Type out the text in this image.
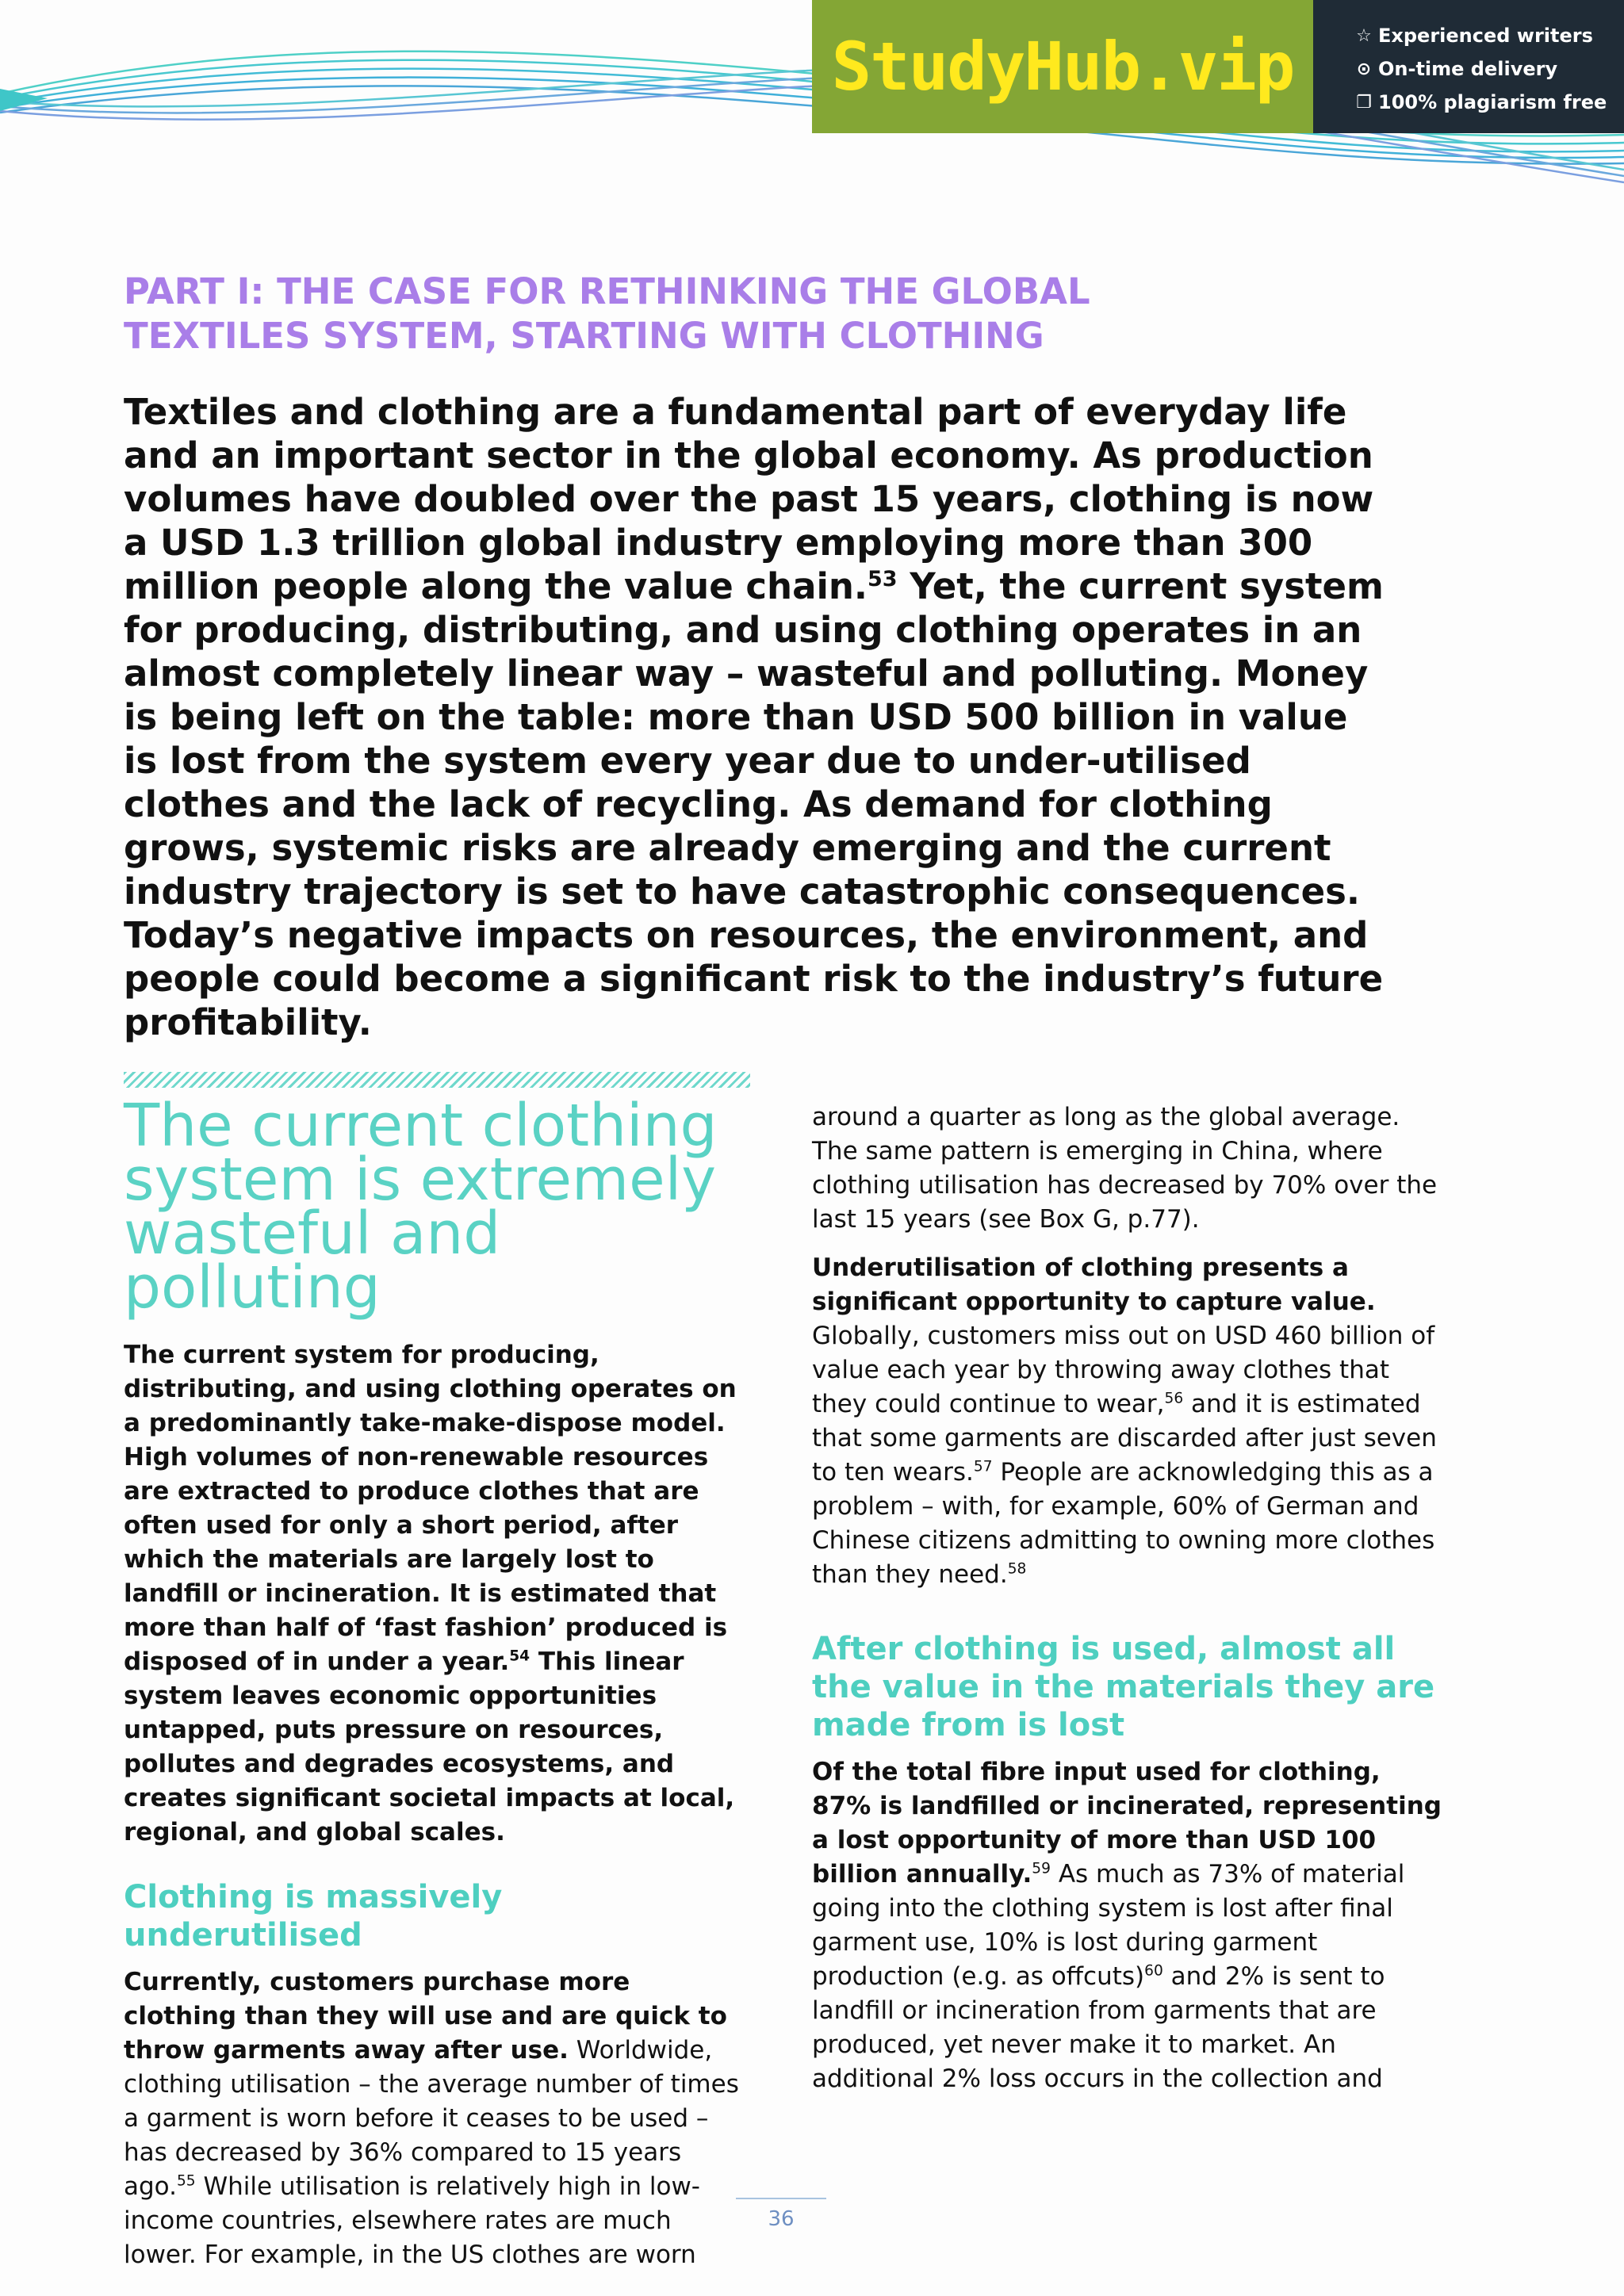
StudyHub.vip	☆ Experienced writers
⊙ On-time delivery
❐ 100% plagiarism free
PART I: THE CASE FOR RETHINKING THE GLOBAL
TEXTILES SYSTEM, STARTING WITH CLOTHING

Textiles and clothing are a fundamental part of everyday life and an important sector in the global economy. As production volumes have doubled over the past 15 years, clothing is now a USD 1.3 trillion global industry employing more than 300 million people along the value chain.$^{53}$ Yet, the current system for producing, distributing, and using clothing operates in an almost completely linear way – wasteful and polluting. Money is being left on the table: more than USD 500 billion in value is lost from the system every year due to under-utilised clothes and the lack of recycling. As demand for clothing grows, systemic risks are already emerging and the current industry trajectory is set to have catastrophic consequences. Today’s negative impacts on resources, the environment, and people could become a significant risk to the industry’s future profitability.

The current clothing system is extremely wasteful and polluting

The current system for producing, distributing, and using clothing operates on a predominantly take-make-dispose model. High volumes of non-renewable resources are extracted to produce clothes that are often used for only a short period, after which the materials are largely lost to landfill or incineration. It is estimated that more than half of ‘fast fashion’ produced is disposed of in under a year.$^{54}$ This linear system leaves economic opportunities untapped, puts pressure on resources, pollutes and degrades ecosystems, and creates significant societal impacts at local, regional, and global scales.

Clothing is massively underutilised

Currently, customers purchase more clothing than they will use and are quick to throw garments away after use. Worldwide, clothing utilisation – the average number of times a garment is worn before it ceases to be used – has decreased by 36% compared to 15 years ago.$^{55}$ While utilisation is relatively high in low-income countries, elsewhere rates are much lower. For example, in the US clothes are worn

around a quarter as long as the global average. The same pattern is emerging in China, where clothing utilisation has decreased by 70% over the last 15 years (see Box G, p.77).

Underutilisation of clothing presents a significant opportunity to capture value. Globally, customers miss out on USD 460 billion of value each year by throwing away clothes that they could continue to wear,$^{56}$ and it is estimated that some garments are discarded after just seven to ten wears.$^{57}$ People are acknowledging this as a problem – with, for example, 60% of German and Chinese citizens admitting to owning more clothes than they need.$^{58}$

After clothing is used, almost all the value in the materials they are made from is lost

Of the total fibre input used for clothing, 87% is landfilled or incinerated, representing a lost opportunity of more than USD 100 billion annually.$^{59}$ As much as 73% of material going into the clothing system is lost after final garment use, 10% is lost during garment production (e.g. as offcuts)$^{60}$ and 2% is sent to landfill or incineration from garments that are produced, yet never make it to market. An additional 2% loss occurs in the collection and

36
